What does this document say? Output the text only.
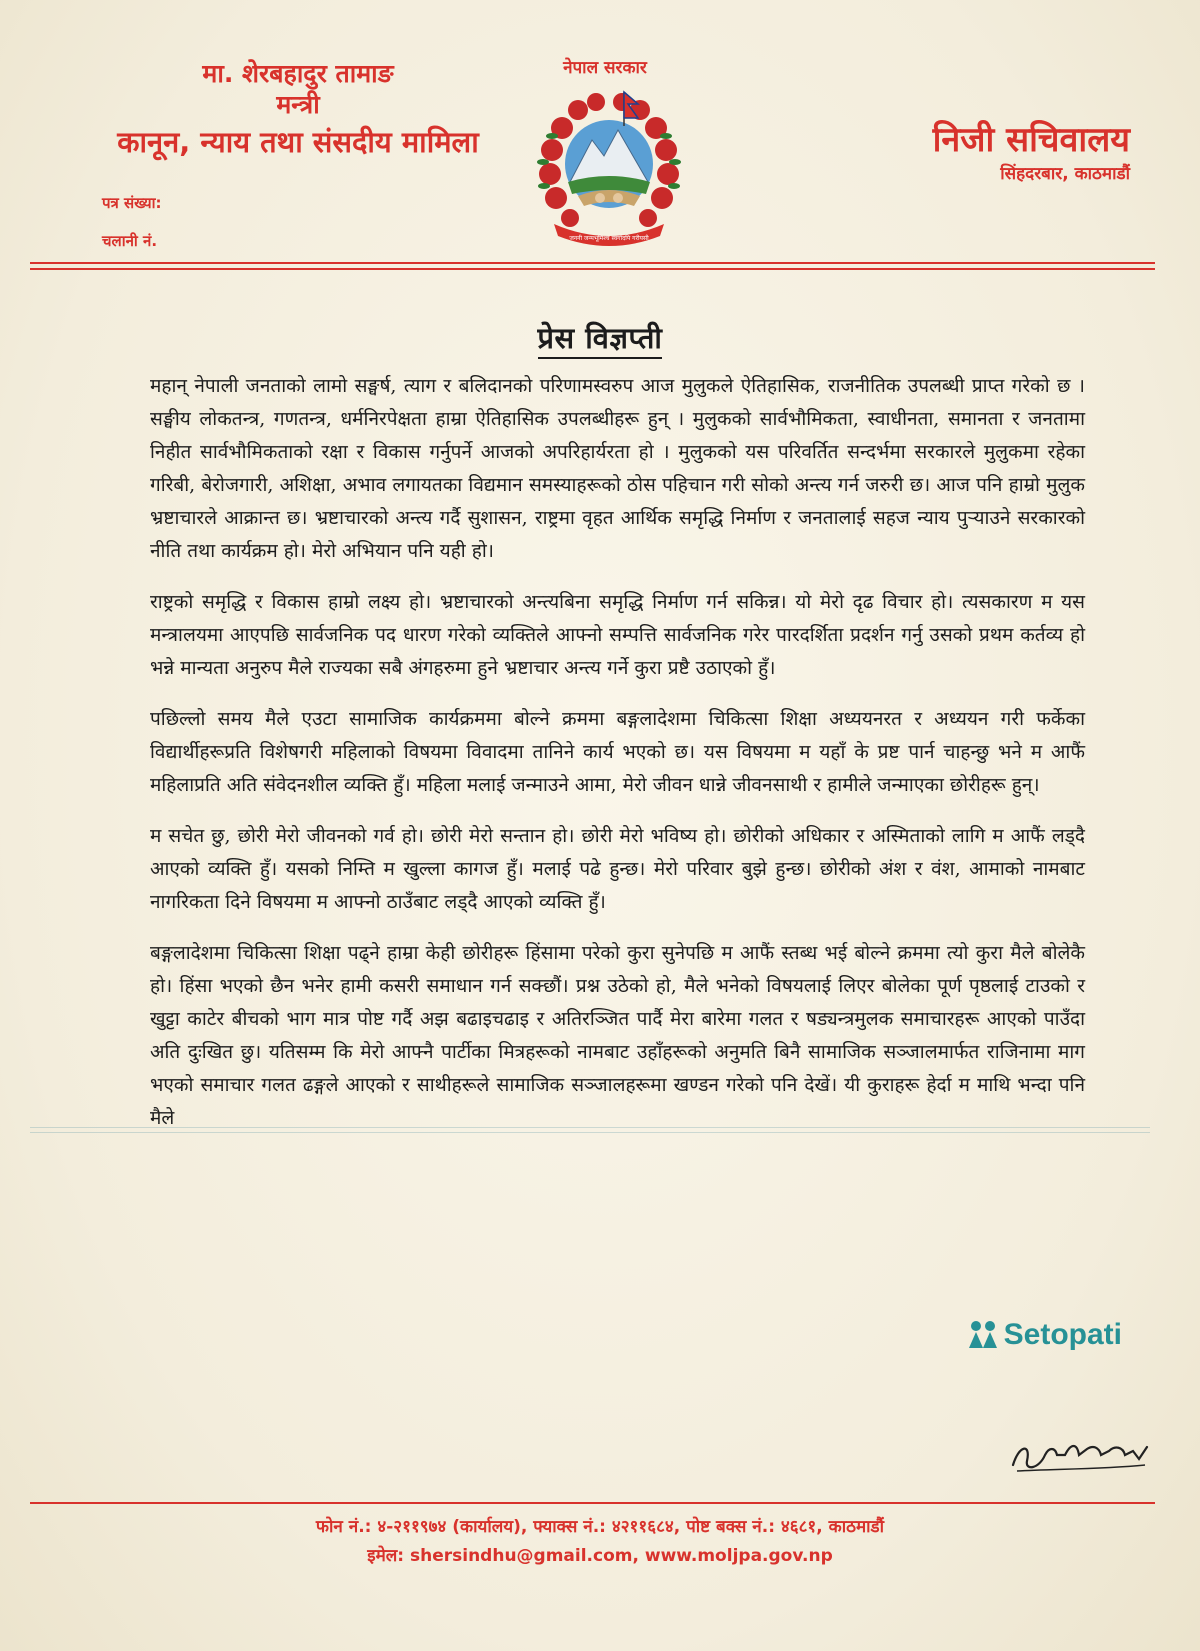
मा. शेरबहादुर तामाङ
मन्त्री
कानून, न्याय तथा संसदीय मामिला
पत्र संख्या:
चलानी नं.
नेपाल सरकार
जननी जन्मभूमिश्च स्वर्गादपि गरीयसी
निजी सचिवालय
सिंहदरबार, काठमाडौं
प्रेस विज्ञप्ती

महान् नेपाली जनताको लामो सङ्घर्ष, त्याग र बलिदानको परिणामस्वरुप आज मुलुकले ऐतिहासिक, राजनीतिक उपलब्धी प्राप्त गरेको छ । सङ्घीय लोकतन्त्र, गणतन्त्र, धर्मनिरपेक्षता हाम्रा ऐतिहासिक उपलब्धीहरू हुन् । मुलुकको सार्वभौमिकता, स्वाधीनता, समानता र जनतामा निहीत सार्वभौमिकताको रक्षा र विकास गर्नुपर्ने आजको अपरिहार्यरता हो । मुलुकको यस परिवर्तित सन्दर्भमा सरकारले मुलुकमा रहेका गरिबी, बेरोजगारी, अशिक्षा, अभाव लगायतका विद्यमान समस्याहरूको ठोस पहिचान गरी सोको अन्त्य गर्न जरुरी छ। आज पनि हाम्रो मुलुक भ्रष्टाचारले आक्रान्त छ। भ्रष्टाचारको अन्त्य गर्दै सुशासन, राष्ट्रमा वृहत आर्थिक समृद्धि निर्माण र जनतालाई सहज न्याय पुऱ्याउने सरकारको नीति तथा कार्यक्रम हो। मेरो अभियान पनि यही हो।

राष्ट्रको समृद्धि र विकास हाम्रो लक्ष्य हो। भ्रष्टाचारको अन्त्यबिना समृद्धि निर्माण गर्न सकिन्न। यो मेरो दृढ विचार हो। त्यसकारण म यस मन्त्रालयमा आएपछि सार्वजनिक पद धारण गरेको व्यक्तिले आफ्नो सम्पत्ति सार्वजनिक गरेर पारदर्शिता प्रदर्शन गर्नु उसको प्रथम कर्तव्य हो भन्ने मान्यता अनुरुप मैले राज्यका सबै अंगहरुमा हुने भ्रष्टाचार अन्त्य गर्ने कुरा प्रष्टै उठाएको हुँ।

पछिल्लो समय मैले एउटा सामाजिक कार्यक्रममा बोल्ने क्रममा बङ्गलादेशमा चिकित्सा शिक्षा अध्ययनरत र अध्ययन गरी फर्केका विद्यार्थीहरूप्रति विशेषगरी महिलाको विषयमा विवादमा तानिने कार्य भएको छ। यस विषयमा म यहाँ के प्रष्ट पार्न चाहन्छु भने म आफैं महिलाप्रति अति संवेदनशील व्यक्ति हुँ। महिला मलाई जन्माउने आमा, मेरो जीवन धान्ने जीवनसाथी र हामीले जन्माएका छोरीहरू हुन्।

म सचेत छु, छोरी मेरो जीवनको गर्व हो। छोरी मेरो सन्तान हो। छोरी मेरो भविष्य हो। छोरीको अधिकार र अस्मिताको लागि म आफैं लड्दै आएको व्यक्ति हुँ। यसको निम्ति म खुल्ला कागज हुँ। मलाई पढे हुन्छ। मेरो परिवार बुझे हुन्छ। छोरीको अंश र वंश, आमाको नामबाट नागरिकता दिने विषयमा म आफ्नो ठाउँबाट लड्दै आएको व्यक्ति हुँ।

बङ्गलादेशमा चिकित्सा शिक्षा पढ्ने हाम्रा केही छोरीहरू हिंसामा परेको कुरा सुनेपछि म आफैं स्तब्ध भई बोल्ने क्रममा त्यो कुरा मैले बोलेकै हो। हिंसा भएको छैन भनेर हामी कसरी समाधान गर्न सक्छौं। प्रश्न उठेको हो, मैले भनेको विषयलाई लिएर बोलेका पूर्ण पृष्ठलाई टाउको र खुट्टा काटेर बीचको भाग मात्र पोष्ट गर्दै अझ बढाइचढाइ र अतिरञ्जित पार्दै मेरा बारेमा गलत र षड्यन्त्रमुलक समाचारहरू आएको पाउँदा अति दुःखित छु। यतिसम्म कि मेरो आफ्नै पार्टीका मित्रहरूको नामबाट उहाँहरूको अनुमति बिनै सामाजिक सञ्जालमार्फत राजिनामा माग भएको समाचार गलत ढङ्गले आएको र साथीहरूले सामाजिक सञ्जालहरूमा खण्डन गरेको पनि देखें। यी कुराहरू हेर्दा म माथि भन्दा पनि मैले

Setopati
फोन नं.: ४-२११९७४ (कार्यालय), फ्याक्स नं.: ४२११६८४, पोष्ट बक्स नं.: ४६८१, काठमाडौं
इमेल: shersindhu@gmail.com, www.moljpa.gov.np
